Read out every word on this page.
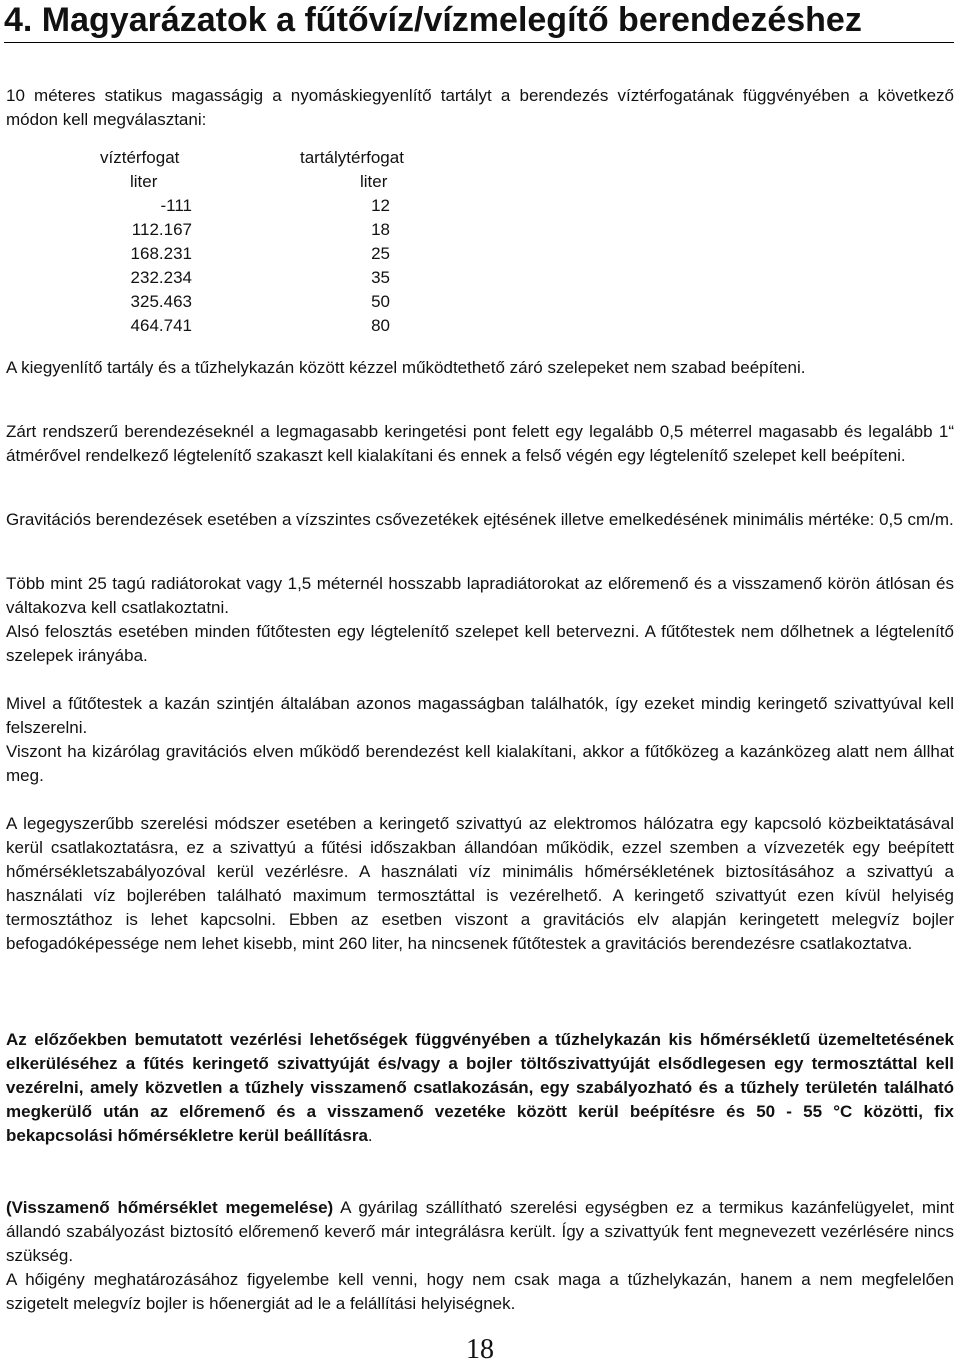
4. Magyarázatok a fűtővíz/vízmelegítő berendezéshez

10 méteres statikus magasságig a nyomáskiegyenlítő tartályt a berendezés víztérfogatának függvényében a következő módon kell megválasztani:

víztérfogat	tartálytérfogat
liter	liter
-111	12
112.167	18
168.231	25
232.234	35
325.463	50
464.741	80

A kiegyenlítő tartály és a tűzhelykazán között kézzel működtethető záró szelepeket nem szabad beépíteni.

Zárt rendszerű berendezéseknél a legmagasabb keringetési pont felett egy legalább 0,5 méterrel magasabb és legalább 1“ átmérővel rendelkező légtelenítő szakaszt kell kialakítani és ennek a felső végén egy légtelenítő szelepet kell beépíteni.

Gravitációs berendezések esetében a vízszintes csővezetékek ejtésének illetve emelkedésének minimális mértéke: 0,5 cm/m.

Több mint 25 tagú radiátorokat vagy 1,5 méternél hosszabb lapradiátorokat az előremenő és a visszamenő körön átlósan és váltakozva kell csatlakoztatni.

Alsó felosztás esetében minden fűtőtesten egy légtelenítő szelepet kell betervezni. A fűtőtestek nem dőlhetnek a légtelenítő szelepek irányába.

Mivel a fűtőtestek a kazán szintjén általában azonos magasságban találhatók, így ezeket mindig keringető szivattyúval kell felszerelni.

Viszont ha kizárólag gravitációs elven működő berendezést kell kialakítani, akkor a fűtőközeg a kazánközeg alatt nem állhat meg.

A legegyszerűbb szerelési módszer esetében a keringető szivattyú az elektromos hálózatra egy kapcsoló közbeiktatásával kerül csatlakoztatásra, ez a szivattyú a fűtési időszakban állandóan működik, ezzel szemben a vízvezeték egy beépített hőmérsékletszabályozóval kerül vezérlésre. A használati víz minimális hőmérsékletének biztosításához a szivattyú a használati víz bojlerében található maximum termosztáttal is vezérelhető. A keringető szivattyút ezen kívül helyiség termosztáthoz is lehet kapcsolni. Ebben az esetben viszont a gravitációs elv alapján keringetett melegvíz bojler befogadóképessége nem lehet kisebb, mint 260 liter, ha nincsenek fűtőtestek a gravitációs berendezésre csatlakoztatva.

Az előzőekben bemutatott vezérlési lehetőségek függvényében a tűzhelykazán kis hőmérsékletű üzemeltetésének elkerüléséhez a fűtés keringető szivattyúját és/vagy a bojler töltőszivattyúját elsődlegesen egy termosztáttal kell vezérelni, amely közvetlen a tűzhely visszamenő csatlakozásán, egy szabályozható és a tűzhely területén található megkerülő után az előremenő és a visszamenő vezetéke között kerül beépítésre és 50 - 55 °C közötti, fix bekapcsolási hőmérsékletre kerül beállításra.

(Visszamenő hőmérséklet megemelése) A gyárilag szállítható szerelési egységben ez a termikus kazánfelügyelet, mint állandó szabályozást biztosító előremenő keverő már integrálásra került. Így a szivattyúk fent megnevezett vezérlésére nincs szükség.

A hőigény meghatározásához figyelembe kell venni, hogy nem csak maga a tűzhelykazán, hanem a nem megfelelően szigetelt melegvíz bojler is hőenergiát ad le a felállítási helyiségnek.

18
